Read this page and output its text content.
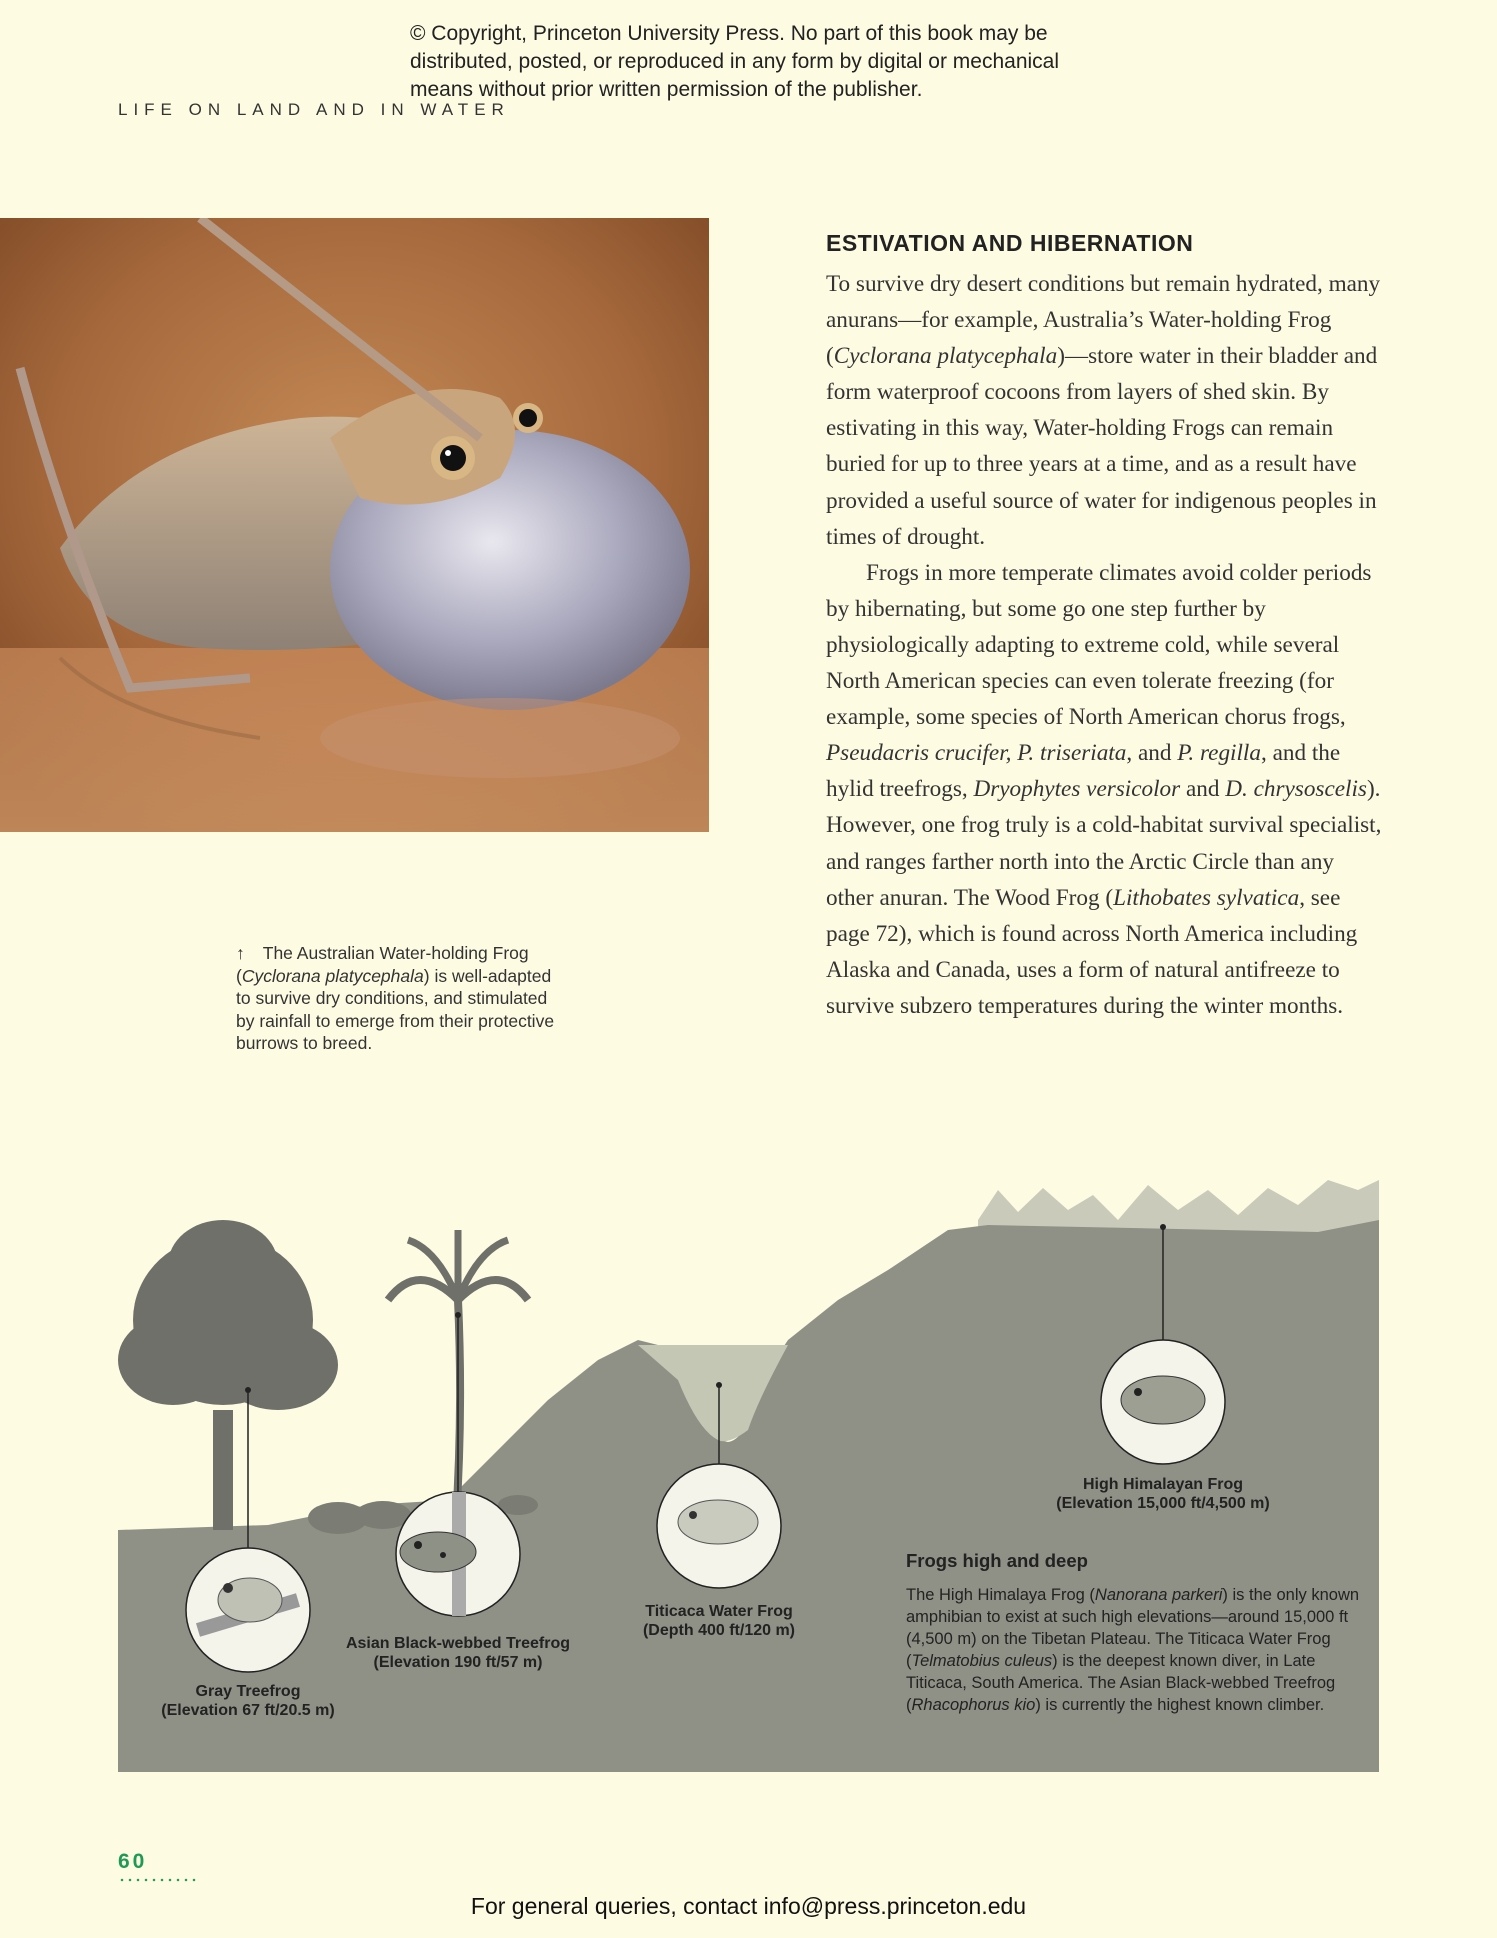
© Copyright, Princeton University Press. No part of this book may be
distributed, posted, or reproduced in any form by digital or mechanical
means without prior written permission of the publisher.
LIFE ON LAND AND IN WATER
↑ The Australian Water-holding Frog (Cyclorana platycephala) is well-adapted to survive dry conditions, and stimulated by rainfall to emerge from their protective burrows to breed.
ESTIVATION AND HIBERNATION

To survive dry desert conditions but remain hydrated, many anurans—for example, Australia’s Water-holding Frog (Cyclorana platycephala)—store water in their bladder and form waterproof cocoons from layers of shed skin. By estivating in this way, Water-holding Frogs can remain buried for up to three years at a time, and as a result have provided a useful source of water for indigenous peoples in times of drought.

Frogs in more temperate climates avoid colder periods by hibernating, but some go one step further by physiologically adapting to extreme cold, while several North American species can even tolerate freezing (for example, some species of North American chorus frogs, Pseudacris crucifer, P. triseriata, and P. regilla, and the hylid treefrogs, Dryophytes versicolor and D. chrysoscelis). However, one frog truly is a cold-habitat survival specialist, and ranges farther north into the Arctic Circle than any other anuran. The Wood Frog (Lithobates sylvatica, see page 72), which is found across North America including Alaska and Canada, uses a form of natural antifreeze to survive subzero temperatures during the winter months.

Gray Treefrog
(Elevation 67 ft/20.5 m)
Asian Black-webbed Treefrog
(Elevation 190 ft/57 m)
Titicaca Water Frog
(Depth 400 ft/120 m)
High Himalayan Frog
(Elevation 15,000 ft/4,500 m)
Frogs high and deep

The High Himalaya Frog (Nanorana parkeri) is the only known amphibian to exist at such high elevations—around 15,000 ft (4,500 m) on the Tibetan Plateau. The Titicaca Water Frog (Telmatobius culeus) is the deepest known diver, in Late Titicaca, South America. The Asian Black-webbed Treefrog (Rhacophorus kio) is currently the highest known climber.

60
For general queries, contact info@press.princeton.edu
